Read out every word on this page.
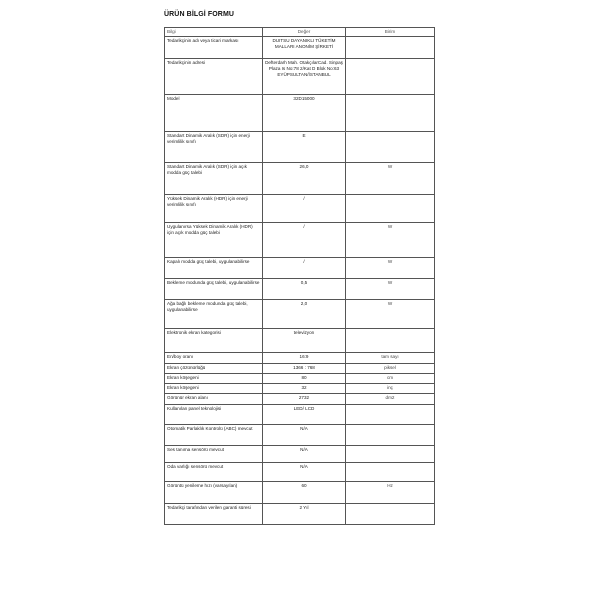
ÜRÜN BİLGİ FORMU
Bilgi	Değer	Birim
Tedarikçinin adı veya ticari markası	DUITSU DAYANIKLI TÜKETİM MALLARI ANONİM ŞİRKETİ	
Tedarikçinin adresi	Defterdarh Mah. OtakçılarCad. Sinpaş Plaza Is No:78 2/Kat D Blok No:63 EYÜPSULTAN/İSTANBUL	
Model	32D15000	
Standart Dinamik Aralık (SDR) için enerji verimlilik sınıfı	E	
Standart Dinamik Aralık (SDR) için açık modda güç talebi	26,0	W
Yüksek Dinamik Aralık (HDR) için enerji verimlilik sınıfı	/	
Uygulanırsa Yüksek Dinamik Aralık (HDR) için açık modda güç talebi	/	W
Kapalı modda güç talebi, uygulanabilirse	/	W
Bekleme modunda güç talebi, uygulanabilirse	0,5	W
Ağa bağlı bekleme modunda güç talebi, uygulanabilirse	2,0	W
Elektronik ekran kategorisi	televizyon	
En/boy oranı	16:9	tam sayı
Ekran çözünürlüğü	1366 : 768	piksel
Ekran köşegeni	80	cm
Ekran köşegeni	32	inç
Görünür ekran alanı	2732	dm2
Kullanılan panel teknolojisi	LED/ LCD	
Otomatik Parlaklık Kontrolü (ABC) mevcut	N/A	
Ses tanıma sensörü mevcut	N/A	
Oda varlığı sensörü mevcut	N/A	
Görüntü yenileme hızı (varsayılan)	60	Hz
Tedarikçi tarafından verilen garanti süresi	2 Yıl	
